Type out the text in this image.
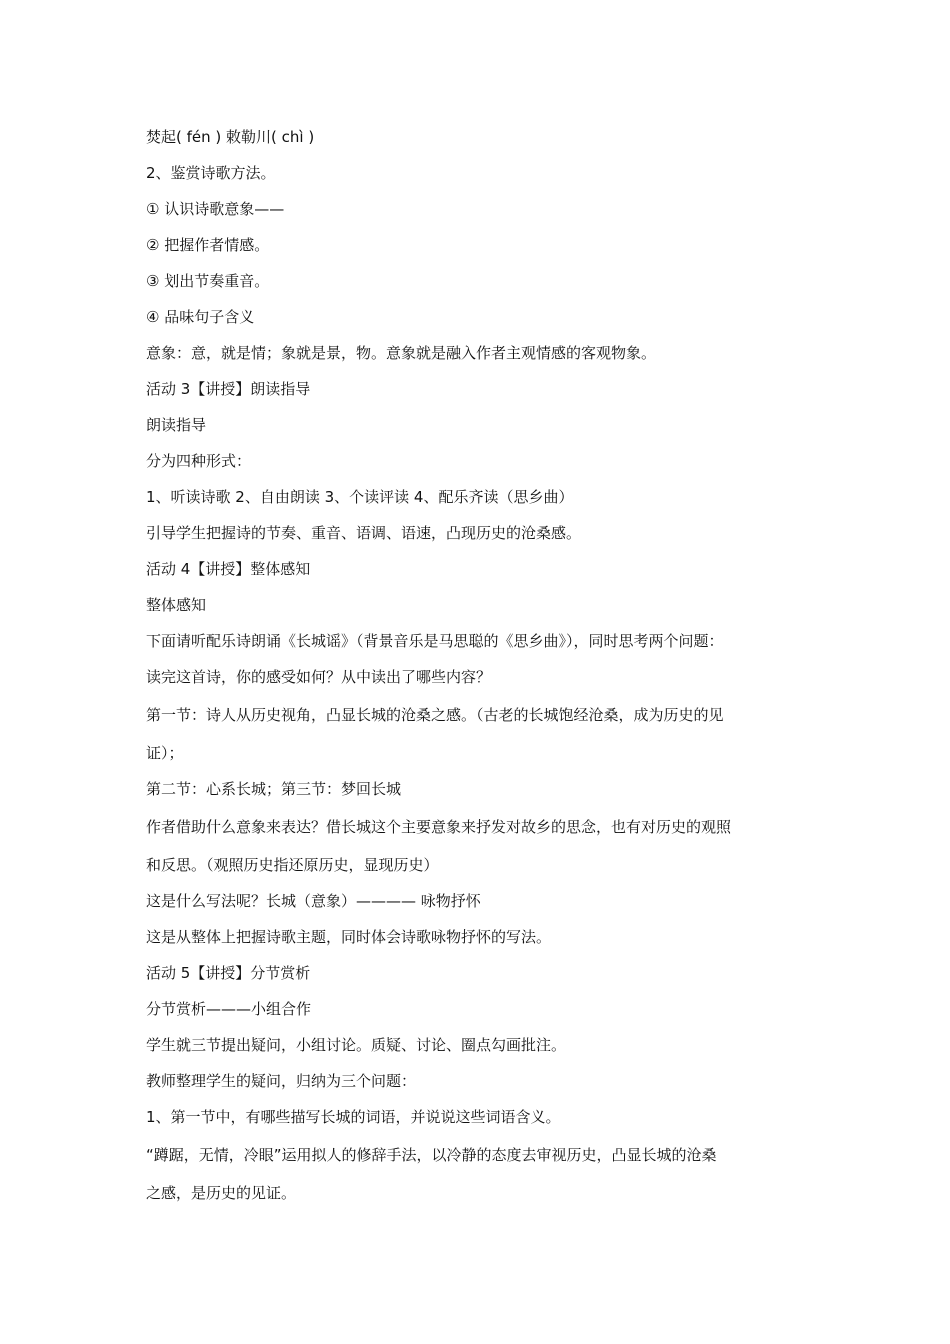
焚起( fén ) 敕勒川( chì )
2、鉴赏诗歌方法。
① 认识诗歌意象——
② 把握作者情感。
③ 划出节奏重音。
④ 品味句子含义
意象：意，就是情；象就是景，物。意象就是融入作者主观情感的客观物象。
活动 3【讲授】朗读指导
朗读指导
分为四种形式：
1、听读诗歌 2、自由朗读 3、个读评读 4、配乐齐读（思乡曲）
引导学生把握诗的节奏、重音、语调、语速，凸现历史的沧桑感。
活动 4【讲授】整体感知
整体感知
下面请听配乐诗朗诵《长城谣》（背景音乐是马思聪的《思乡曲》），同时思考两个问题：
读完这首诗，你的感受如何？从中读出了哪些内容？
第一节：诗人从历史视角，凸显长城的沧桑之感。（古老的长城饱经沧桑，成为历史的见
证）；
第二节：心系长城；第三节：梦回长城
作者借助什么意象来表达？借长城这个主要意象来抒发对故乡的思念，也有对历史的观照
和反思。（观照历史指还原历史，显现历史）
这是什么写法呢？长城（意象）———— 咏物抒怀
这是从整体上把握诗歌主题，同时体会诗歌咏物抒怀的写法。
活动 5【讲授】分节赏析
分节赏析———小组合作
学生就三节提出疑问，小组讨论。质疑、讨论、圈点勾画批注。
教师整理学生的疑问，归纳为三个问题：
1、第一节中，有哪些描写长城的词语，并说说这些词语含义。
“蹲踞，无情，冷眼”运用拟人的修辞手法，以冷静的态度去审视历史，凸显长城的沧桑
之感，是历史的见证。
